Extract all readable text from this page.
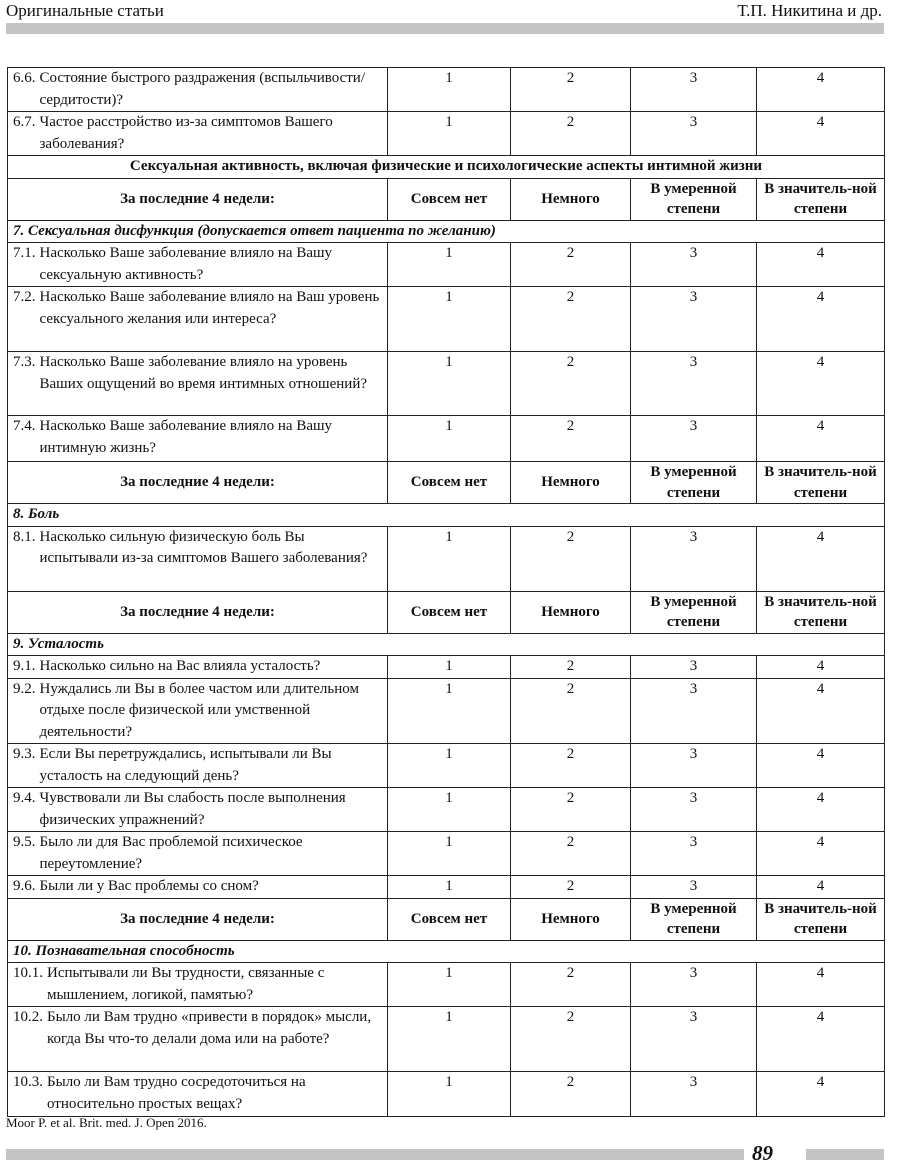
Оригинальные статьи	Т.П. Никитина и др.
6.6. Состояние быстрого раздражения (вспыльчивости/сердитости)?	1	2	3	4

6.7. Частое расстройство из-за симптомов Вашего заболевания?	1	2	3	4
Сексуальная активность, включая физические и психологические аспекты интимной жизни				
За последние 4 недели:	Совсем нет	Немного	В умеренной степени	В значитель-ной степени
7. Сексуальная дисфункция (допускается ответ пациента по желанию)				

7.1. Насколько Ваше заболевание влияло на Вашу сексуальную активность?	1	2	3	4

7.2. Насколько Ваше заболевание влияло на Ваш уровень сексуального желания или интереса?	1	2	3	4

7.3. Насколько Ваше заболевание влияло на уровень Ваших ощущений во время интимных отношений?	1	2	3	4

7.4. Насколько Ваше заболевание влияло на Вашу интимную жизнь?	1	2	3	4
За последние 4 недели:	Совсем нет	Немного	В умеренной степени	В значитель-ной степени
8. Боль				

8.1. Насколько сильную физическую боль Вы испытывали из-за симптомов Вашего заболевания?	1	2	3	4
За последние 4 недели:	Совсем нет	Немного	В умеренной степени	В значитель-ной степени
9. Усталость				

9.1. Насколько сильно на Вас влияла усталость?	1	2	3	4

9.2. Нуждались ли Вы в более частом или длительном отдыхе после физической или умственной деятельности?	1	2	3	4

9.3. Если Вы перетруждались, испытывали ли Вы усталость на следующий день?	1	2	3	4

9.4. Чувствовали ли Вы слабость после выполнения физических упражнений?	1	2	3	4

9.5. Было ли для Вас проблемой психическое переутомление?	1	2	3	4

9.6. Были ли у Вас проблемы со сном?	1	2	3	4
За последние 4 недели:	Совсем нет	Немного	В умеренной степени	В значитель-ной степени
10. Познавательная способность				

10.1. Испытывали ли Вы трудности, связанные с мышлением, логикой, памятью?	1	2	3	4

10.2. Было ли Вам трудно «привести в порядок» мысли, когда Вы что-то делали дома или на работе?	1	2	3	4

10.3. Было ли Вам трудно сосредоточиться на относительно простых вещах?	1	2	3	4
Moor P. et al. Brit. med. J. Open 2016.
89
